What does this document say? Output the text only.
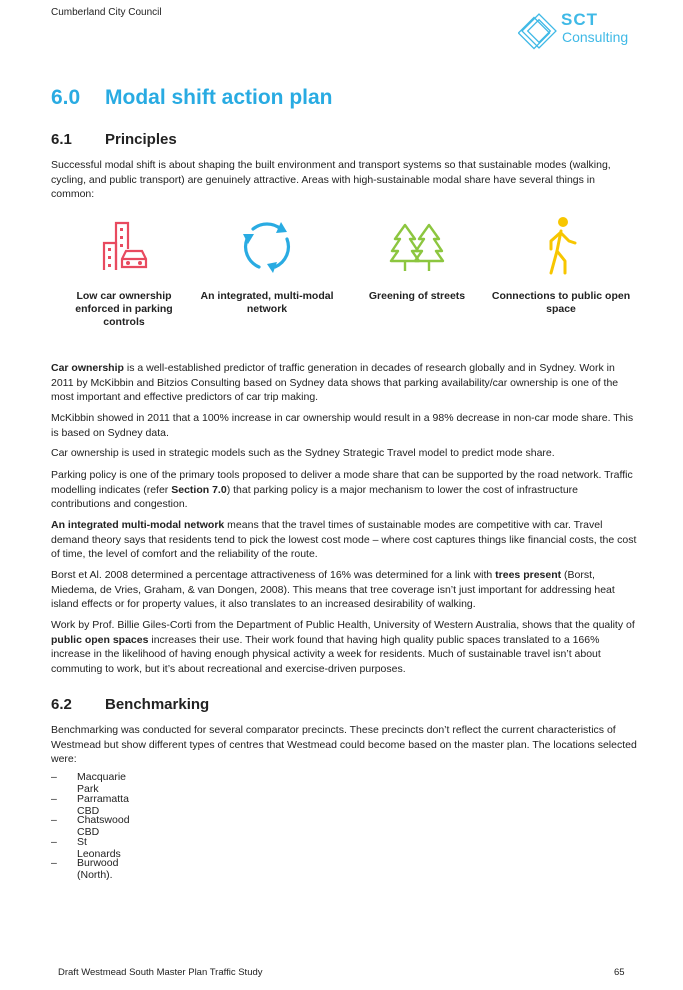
Cumberland City Council	SCT
Consulting
6.0 Modal shift action plan
6.1 Principles
Successful modal shift is about shaping the built environment and transport systems so that sustainable modes (walking, cycling, and public transport) are genuinely attractive. Areas with high-sustainable modal share have several things in common:
Low car ownership enforced in parking controls
An integrated, multi-modal network
Greening of streets	Connections to public open space
Car ownership is a well-established predictor of traffic generation in decades of research globally and in Sydney. Work in 2011 by McKibbin and Bitzios Consulting based on Sydney data shows that parking availability/car ownership is one of the most important and effective predictors of car trip making.
McKibbin showed in 2011 that a 100% increase in car ownership would result in a 98% decrease in non-car mode share. This is based on Sydney data.
Car ownership is used in strategic models such as the Sydney Strategic Travel model to predict mode share.
Parking policy is one of the primary tools proposed to deliver a mode share that can be supported by the road network. Traffic modelling indicates (refer Section 7.0) that parking policy is a major mechanism to lower the cost of infrastructure contributions and congestion.
An integrated multi-modal network means that the travel times of sustainable modes are competitive with car. Travel demand theory says that residents tend to pick the lowest cost mode – where cost captures things like financial costs, the cost of time, the level of comfort and the reliability of the route.
Borst et Al. 2008 determined a percentage attractiveness of 16% was determined for a link with trees present (Borst, Miedema, de Vries, Graham, & van Dongen, 2008). This means that tree coverage isn’t just important for addressing heat island effects or for property values, it also translates to an increased desirability of walking.
Work by Prof. Billie Giles-Corti from the Department of Public Health, University of Western Australia, shows that the quality of public open spaces increases their use. Their work found that having high quality public spaces translated to a 166% increase in the likelihood of having enough physical activity a week for residents. Much of sustainable travel isn’t about commuting to work, but it’s about recreational and exercise-driven purposes.
6.2 Benchmarking
Benchmarking was conducted for several comparator precincts. These precincts don’t reflect the current characteristics of Westmead but show different types of centres that Westmead could become based on the master plan. The locations selected were:
– Macquarie Park
– Parramatta CBD
– Chatswood CBD
– St Leonards
– Burwood (North).
Draft Westmead South Master Plan Traffic Study	65
